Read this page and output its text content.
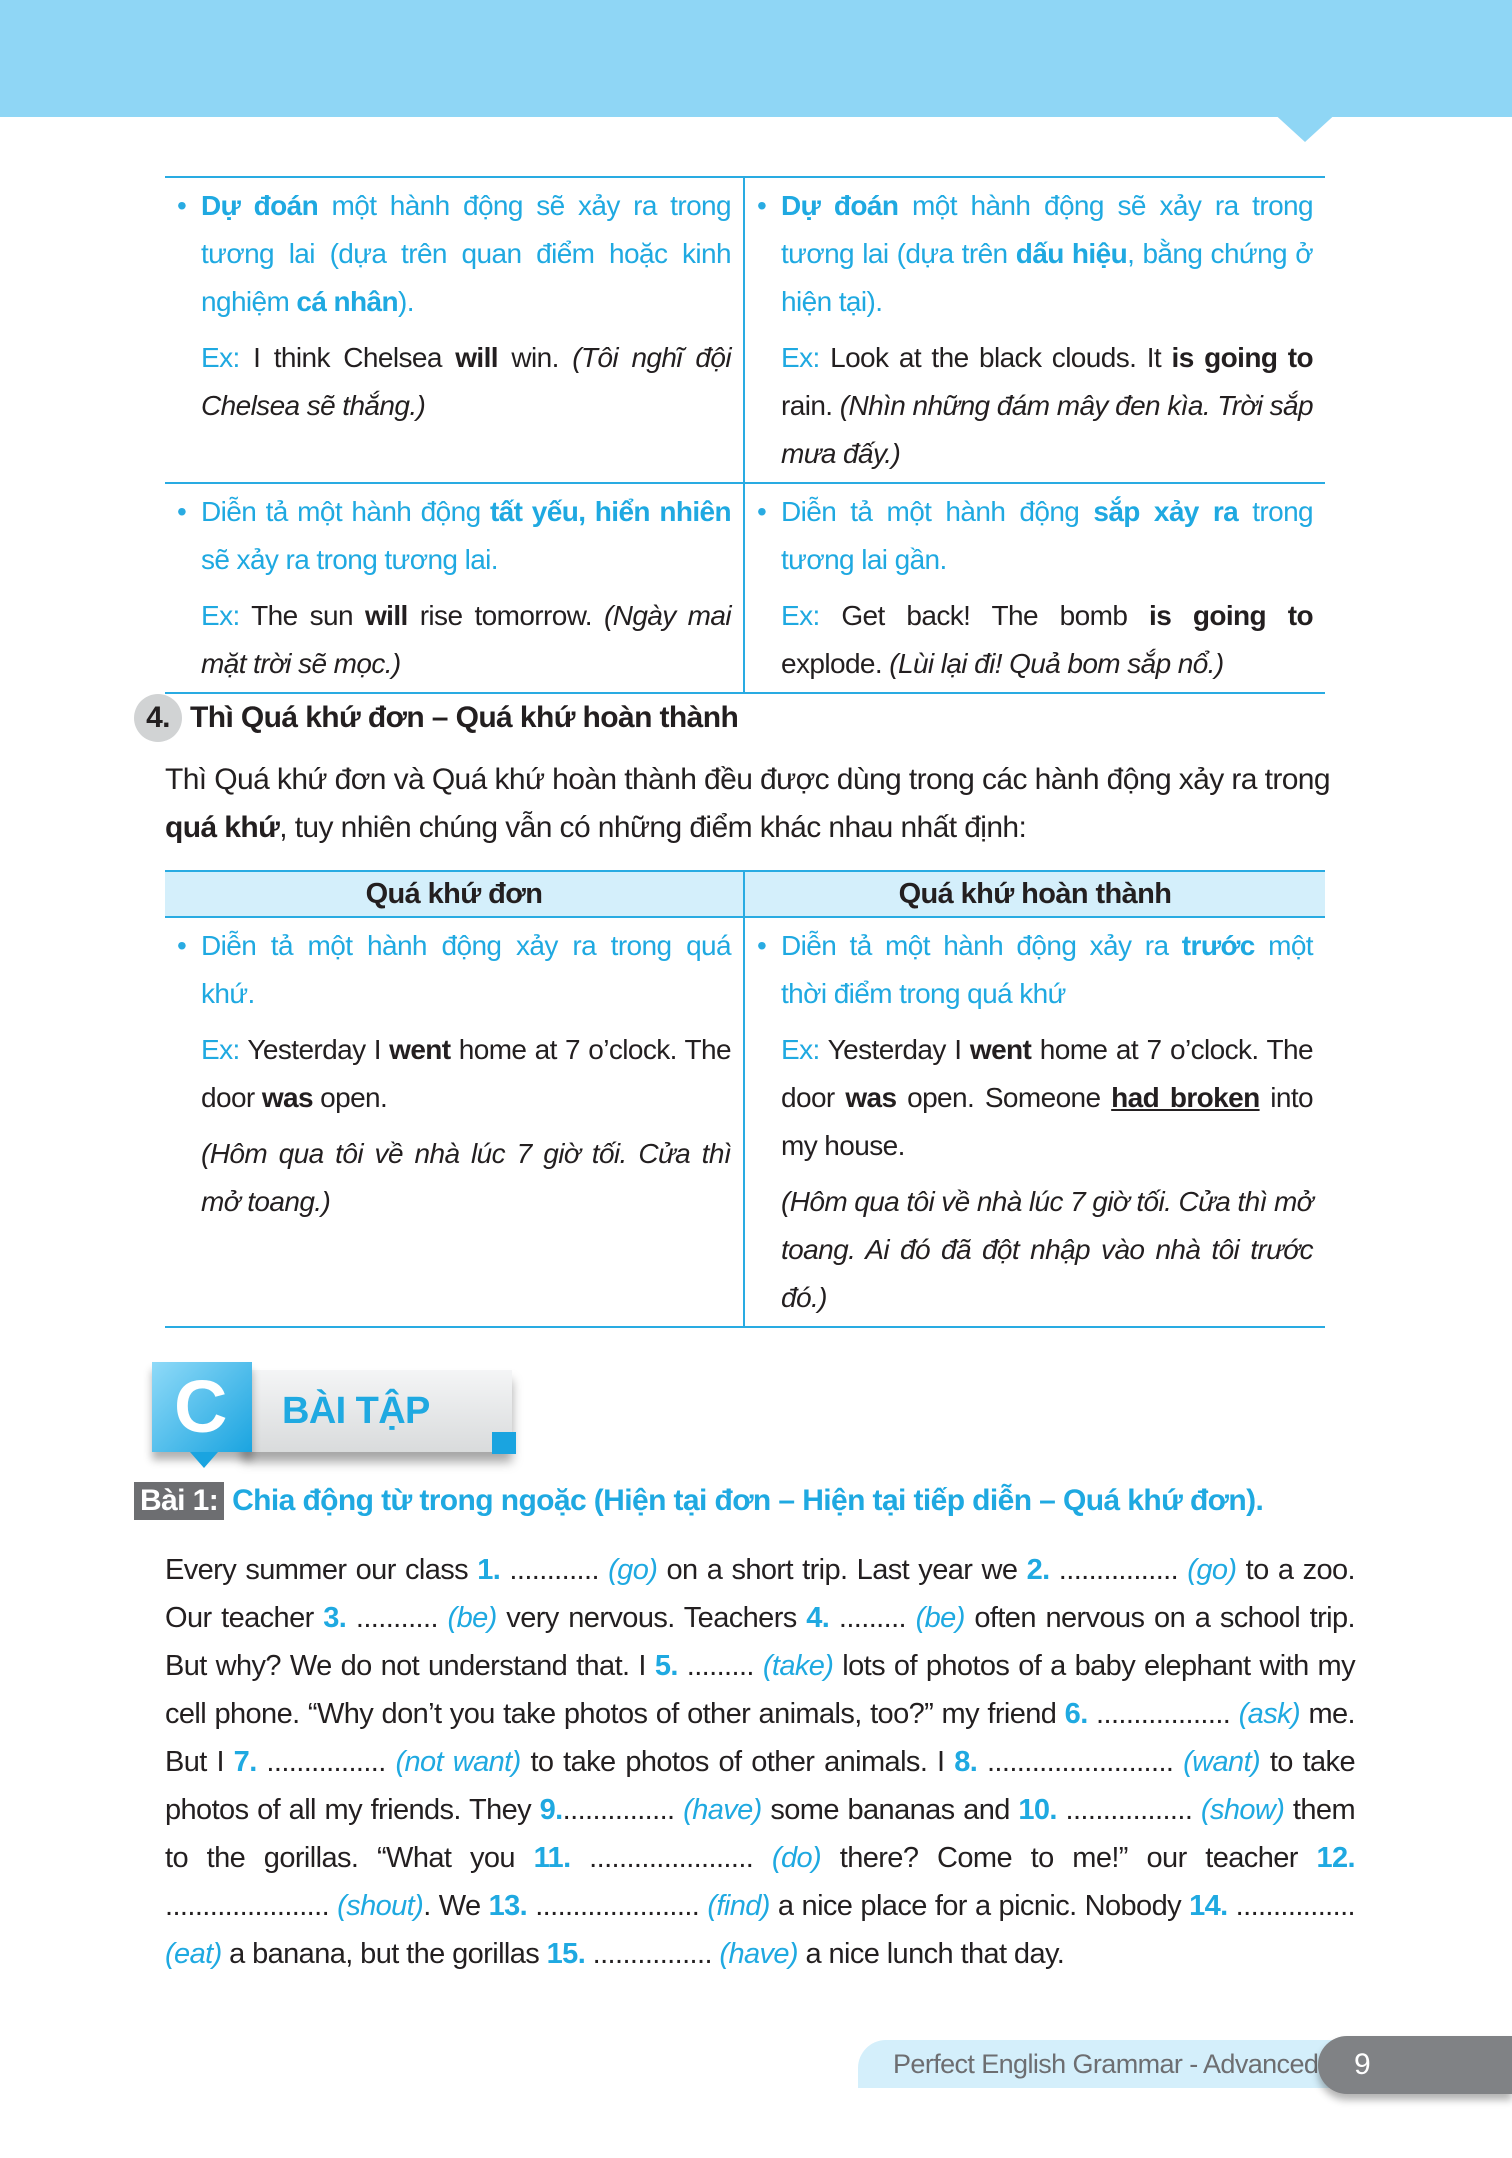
• Dự đoán một hành động sẽ xảy ra trong tương lai (dựa trên quan điểm hoặc kinh nghiệm cá nhân).
Ex: I think Chelsea will win. (Tôi nghĩ đội Chelsea sẽ thắng.)
• Dự đoán một hành động sẽ xảy ra trong tương lai (dựa trên dấu hiệu, bằng chứng ở hiện tại).
Ex: Look at the black clouds. It is going to rain. (Nhìn những đám mây đen kìa. Trời sắp mưa đấy.)
• Diễn tả một hành động tất yếu, hiển nhiên sẽ xảy ra trong tương lai.
Ex: The sun will rise tomorrow. (Ngày mai mặt trời sẽ mọc.)
• Diễn tả một hành động sắp xảy ra trong tương lai gần.
Ex: Get back! The bomb is going to explode. (Lùi lại đi! Quả bom sắp nổ.)
4. Thì Quá khứ đơn – Quá khứ hoàn thành
Thì Quá khứ đơn và Quá khứ hoàn thành đều được dùng trong các hành động xảy ra trong quá khứ, tuy nhiên chúng vẫn có những điểm khác nhau nhất định:
Quá khứ đơn	Quá khứ hoàn thành
• Diễn tả một hành động xảy ra trong quá khứ.
Ex: Yesterday I went home at 7 o’clock. The door was open.
(Hôm qua tôi về nhà lúc 7 giờ tối. Cửa thì mở toang.)
• Diễn tả một hành động xảy ra trước một thời điểm trong quá khứ
Ex: Yesterday I went home at 7 o’clock. The door was open. Someone had broken into my house.
(Hôm qua tôi về nhà lúc 7 giờ tối. Cửa thì mở toang. Ai đó đã đột nhập vào nhà tôi trước đó.)
C BÀI TẬP
Bài 1: Chia động từ trong ngoặc (Hiện tại đơn – Hiện tại tiếp diễn – Quá khứ đơn).
Every summer our class 1. ............ (go) on a short trip. Last year we 2. ................ (go) to a zoo. Our teacher 3. ........... (be) very nervous. Teachers 4. ......... (be) often nervous on a school trip. But why? We do not understand that. I 5. ......... (take) lots of photos of a baby elephant with my cell phone. “Why don’t you take photos of other animals, too?” my friend 6. .................. (ask) me. But I 7. ................ (not want) to take photos of other animals. I 8. ......................... (want) to take photos of all my friends. They 9................ (have) some bananas and 10. ................. (show) them to the gorillas. “What you 11. ...................... (do) there? Come to me!” our teacher 12. ...................... (shout). We 13. ...................... (find) a nice place for a picnic. Nobody 14. ................ (eat) a banana, but the gorillas 15. ................ (have) a nice lunch that day.
Perfect English Grammar - Advanced	9
